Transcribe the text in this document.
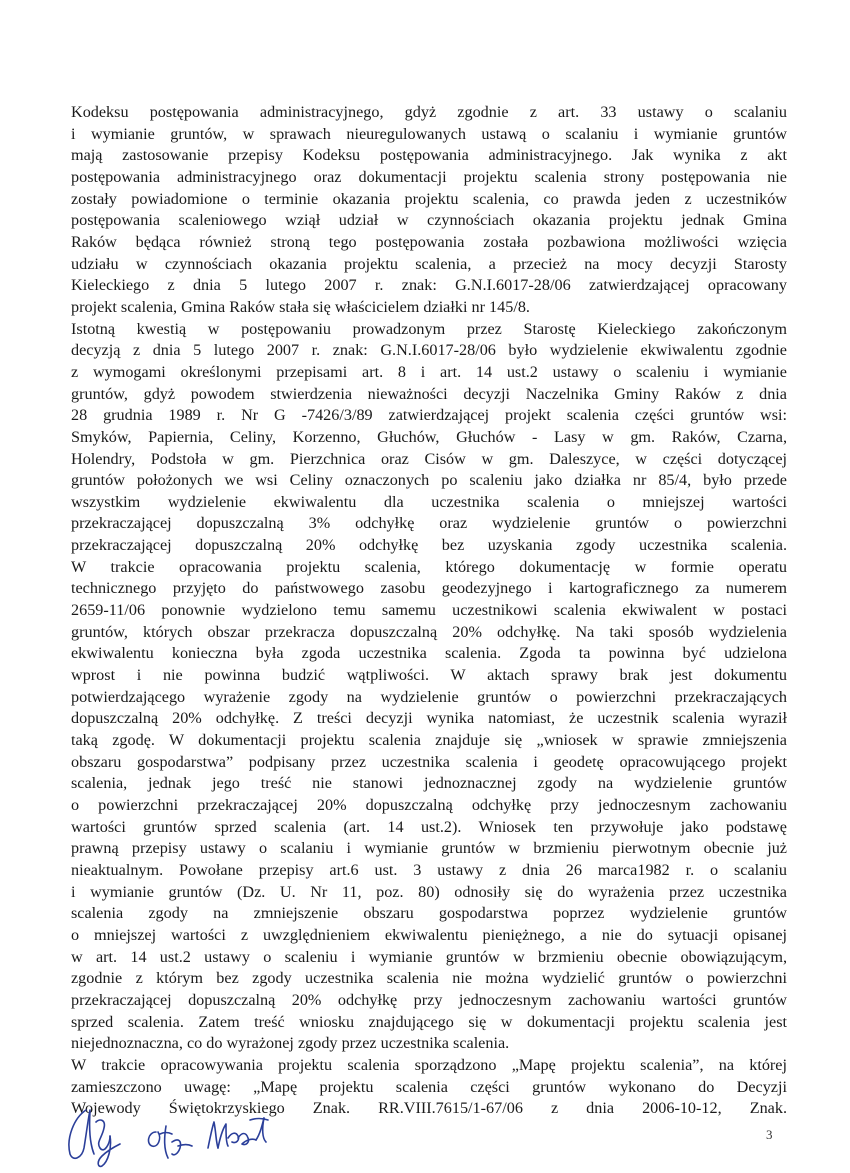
Kodeksu postępowania administracyjnego, gdyż zgodnie z art. 33 ustawy o scalaniu
i wymianie gruntów, w sprawach nieuregulowanych ustawą o scalaniu i wymianie gruntów
mają zastosowanie przepisy Kodeksu postępowania administracyjnego. Jak wynika z akt
postępowania administracyjnego oraz dokumentacji projektu scalenia strony postępowania nie
zostały powiadomione o terminie okazania projektu scalenia, co prawda jeden z uczestników
postępowania scaleniowego wziął udział w czynnościach okazania projektu jednak Gmina
Raków będąca również stroną tego postępowania została pozbawiona możliwości wzięcia
udziału w czynnościach okazania projektu scalenia, a przecież na mocy decyzji Starosty
Kieleckiego z dnia 5 lutego 2007 r. znak: G.N.I.6017-28/06 zatwierdzającej opracowany
projekt scalenia, Gmina Raków stała się właścicielem działki nr 145/8.
Istotną kwestią w postępowaniu prowadzonym przez Starostę Kieleckiego zakończonym
decyzją z dnia 5 lutego 2007 r. znak: G.N.I.6017-28/06 było wydzielenie ekwiwalentu zgodnie
z wymogami określonymi przepisami art. 8 i art. 14 ust.2 ustawy o scaleniu i wymianie
gruntów, gdyż powodem stwierdzenia nieważności decyzji Naczelnika Gminy Raków z dnia
28 grudnia 1989 r. Nr G -7426/3/89 zatwierdzającej projekt scalenia części gruntów wsi:
Smyków, Papiernia, Celiny, Korzenno, Głuchów, Głuchów - Lasy w gm. Raków, Czarna,
Holendry, Podstoła w gm. Pierzchnica oraz Cisów w gm. Daleszyce, w części dotyczącej
gruntów położonych we wsi Celiny oznaczonych po scaleniu jako działka nr 85/4, było przede
wszystkim wydzielenie ekwiwalentu dla uczestnika scalenia o mniejszej wartości
przekraczającej dopuszczalną 3% odchyłkę oraz wydzielenie gruntów o powierzchni
przekraczającej dopuszczalną 20% odchyłkę bez uzyskania zgody uczestnika scalenia.
W trakcie opracowania projektu scalenia, którego dokumentację w formie operatu
technicznego przyjęto do państwowego zasobu geodezyjnego i kartograficznego za numerem
2659-11/06 ponownie wydzielono temu samemu uczestnikowi scalenia ekwiwalent w postaci
gruntów, których obszar przekracza dopuszczalną 20% odchyłkę. Na taki sposób wydzielenia
ekwiwalentu konieczna była zgoda uczestnika scalenia. Zgoda ta powinna być udzielona
wprost i nie powinna budzić wątpliwości. W aktach sprawy brak jest dokumentu
potwierdzającego wyrażenie zgody na wydzielenie gruntów o powierzchni przekraczających
dopuszczalną 20% odchyłkę. Z treści decyzji wynika natomiast, że uczestnik scalenia wyraził
taką zgodę. W dokumentacji projektu scalenia znajduje się „wniosek w sprawie zmniejszenia
obszaru gospodarstwa” podpisany przez uczestnika scalenia i geodetę opracowującego projekt
scalenia, jednak jego treść nie stanowi jednoznacznej zgody na wydzielenie gruntów
o powierzchni przekraczającej 20% dopuszczalną odchyłkę przy jednoczesnym zachowaniu
wartości gruntów sprzed scalenia (art. 14 ust.2). Wniosek ten przywołuje jako podstawę
prawną przepisy ustawy o scalaniu i wymianie gruntów w brzmieniu pierwotnym obecnie już
nieaktualnym. Powołane przepisy art.6 ust. 3 ustawy z dnia 26 marca1982 r. o scalaniu
i wymianie gruntów (Dz. U. Nr 11, poz. 80) odnosiły się do wyrażenia przez uczestnika
scalenia zgody na zmniejszenie obszaru gospodarstwa poprzez wydzielenie gruntów
o mniejszej wartości z uwzględnieniem ekwiwalentu pieniężnego, a nie do sytuacji opisanej
w art. 14 ust.2 ustawy o scaleniu i wymianie gruntów w brzmieniu obecnie obowiązującym,
zgodnie z którym bez zgody uczestnika scalenia nie można wydzielić gruntów o powierzchni
przekraczającej dopuszczalną 20% odchyłkę przy jednoczesnym zachowaniu wartości gruntów
sprzed scalenia. Zatem treść wniosku znajdującego się w dokumentacji projektu scalenia jest
niejednoznaczna, co do wyrażonej zgody przez uczestnika scalenia.
W trakcie opracowywania projektu scalenia sporządzono „Mapę projektu scalenia”, na której
zamieszczono uwagę: „Mapę projektu scalenia części gruntów wykonano do Decyzji
Wojewody Świętokrzyskiego Znak. RR.VIII.7615/1-67/06 z dnia 2006-10-12, Znak.
3
